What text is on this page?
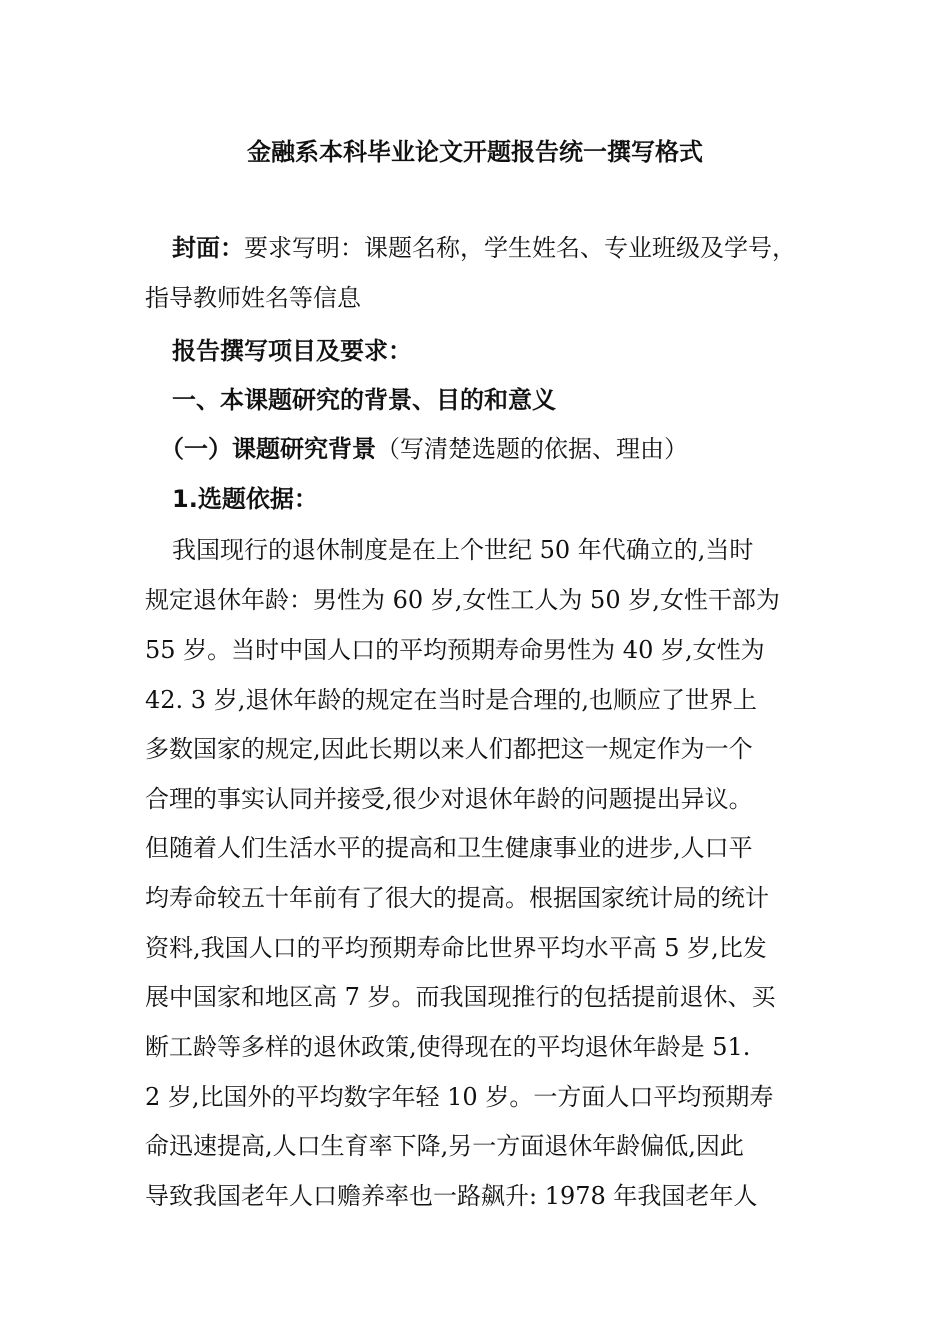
金融系本科毕业论文开题报告统一撰写格式
封面：要求写明：课题名称，学生姓名、专业班级及学号，
指导教师姓名等信息
报告撰写项目及要求：
一、本课题研究的背景、目的和意义
（一）课题研究背景（写清楚选题的依据、理由）
1.选题依据：
我国现行的退休制度是在上个世纪 50 年代确立的,当时
规定退休年龄：男性为 60 岁,女性工人为 50 岁,女性干部为
55 岁。当时中国人口的平均预期寿命男性为 40 岁,女性为
42. 3 岁,退休年龄的规定在当时是合理的,也顺应了世界上
多数国家的规定,因此长期以来人们都把这一规定作为一个
合理的事实认同并接受,很少对退休年龄的问题提出异议。
但随着人们生活水平的提高和卫生健康事业的进步,人口平
均寿命较五十年前有了很大的提高。根据国家统计局的统计
资料,我国人口的平均预期寿命比世界平均水平高 5 岁,比发
展中国家和地区高 7 岁。而我国现推行的包括提前退休、买
断工龄等多样的退休政策,使得现在的平均退休年龄是 51.
2 岁,比国外的平均数字年轻 10 岁。一方面人口平均预期寿
命迅速提高,人口生育率下降,另一方面退休年龄偏低,因此
导致我国老年人口赡养率也一路飙升: 1978 年我国老年人
